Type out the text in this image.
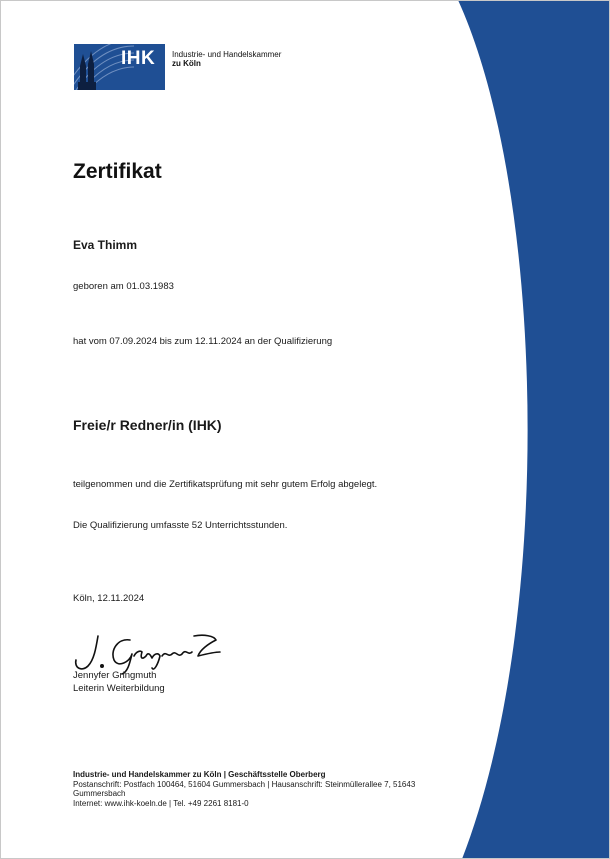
IHK Industrie- und Handelskammer
zu Köln
Zertifikat
Eva Thimm
geboren am 01.03.1983
hat vom 07.09.2024 bis zum 12.11.2024 an der Qualifizierung
Freie/r Redner/in (IHK)
teilgenommen und die Zertifikatsprüfung mit sehr gutem Erfolg abgelegt.
Die Qualifizierung umfasste 52 Unterrichtsstunden.
Köln, 12.11.2024
Jennyfer Gringmuth
Leiterin Weiterbildung
Industrie- und Handelskammer zu Köln | Geschäftsstelle Oberberg
Postanschrift: Postfach 100464, 51604 Gummersbach | Hausanschrift: Steinmüllerallee 7, 51643 Gummersbach
Internet: www.ihk-koeln.de | Tel. +49 2261 8181-0
